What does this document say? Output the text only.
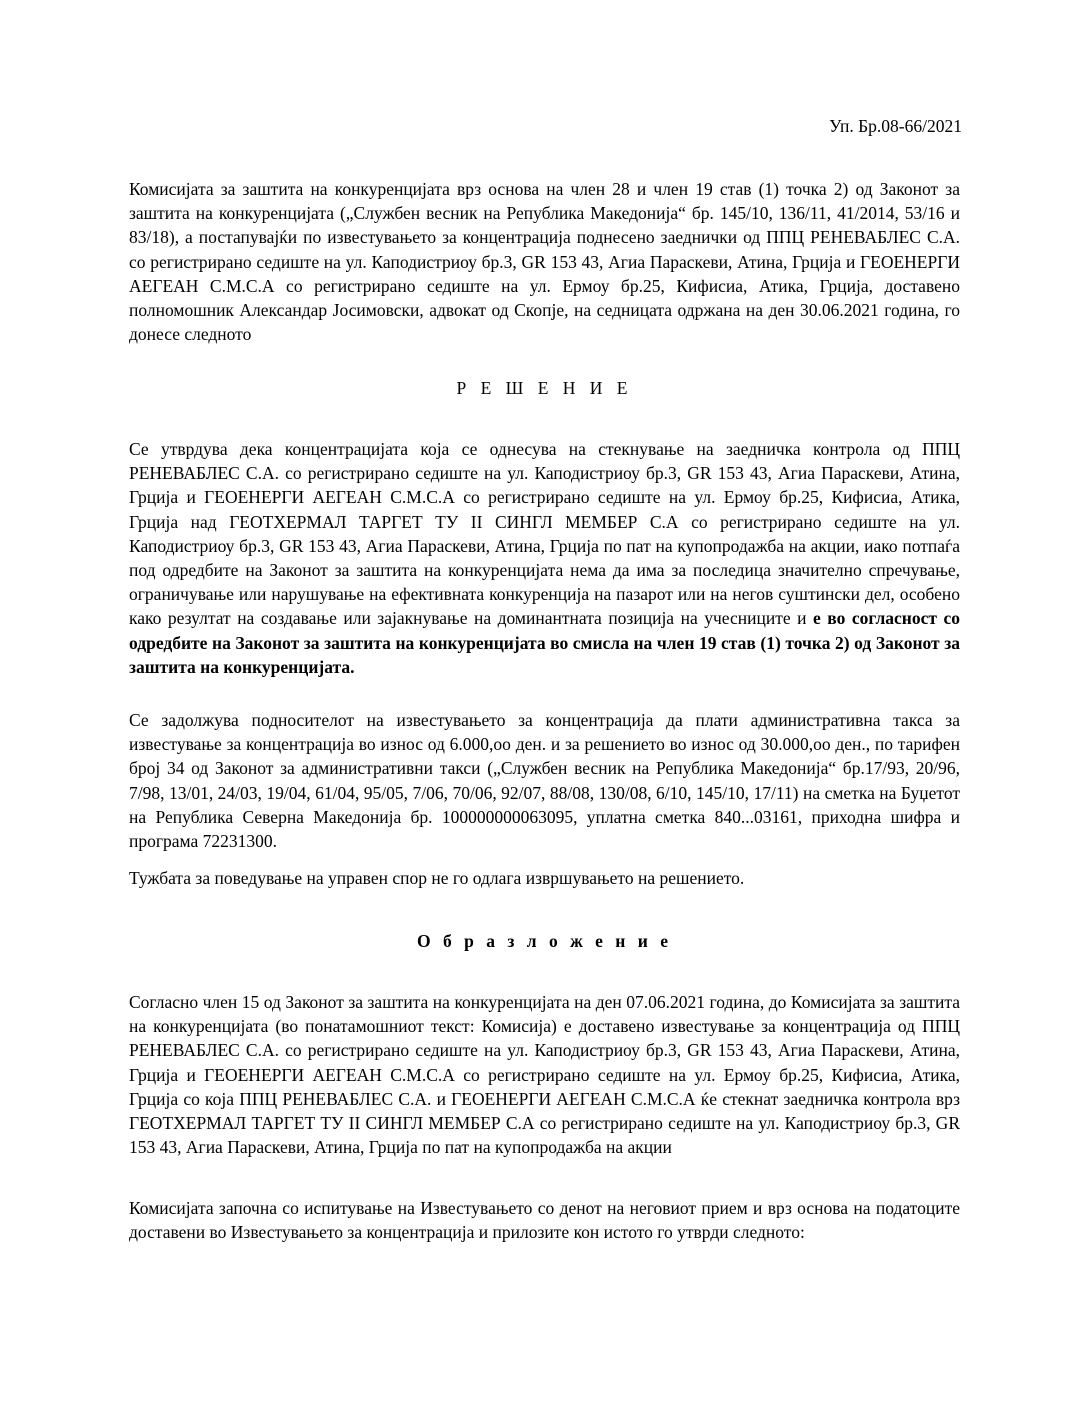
Уп. Бр.08-66/2021

Комисијата за заштита на конкуренцијата врз основа на член 28 и член 19 став (1) точка 2) од Законот за заштита на конкуренцијата („Службен весник на Република Македонија“ бр. 145/10, 136/11, 41/2014, 53/16 и 83/18), а постапувајќи по известувањето за концентрација поднесено заеднички од ППЦ РЕНЕВАБЛЕС С.А. со регистрирано седиште на ул. Каподистриоу бр.3, GR 153 43, Агиа Параскеви, Атина, Грција и ГЕОЕНЕРГИ АЕГЕАН С.М.С.А со регистрирано седиште на ул. Ермоу бр.25, Кифисиа, Атика, Грција, доставено полномошник Александар Јосимовски, адвокат од Скопје, на седницата одржана на ден 30.06.2021 година, го донесе следното

Р Е Ш Е Н И Е

Се утврдува дека концентрацијата која се однесува на стекнување на заедничка контрола од ППЦ РЕНЕВАБЛЕС С.А. со регистрирано седиште на ул. Каподистриоу бр.3, GR 153 43, Агиа Параскеви, Атина, Грција и ГЕОЕНЕРГИ АЕГЕАН С.М.С.А со регистрирано седиште на ул. Ермоу бр.25, Кифисиа, Атика, Грција над ГЕОТХЕРМАЛ ТАРГЕТ ТУ II СИНГЛ МЕМБЕР С.А со регистрирано седиште на ул. Каподистриоу бр.3, GR 153 43, Агиа Параскеви, Атина, Грција по пат на купопродажба на акции, иако потпаѓа под одредбите на Законот за заштита на конкуренцијата нема да има за последица значително спречување, ограничување или нарушување на ефективната конкуренција на пазарот или на негов суштински дел, особено како резултат на создавање или зајакнување на доминантната позиција на учесниците и е во согласност со одредбите на Законот за заштита на конкуренцијата во смисла на член 19 став (1) точка 2) од Законот за заштита на конкуренцијата.

Се задолжува подносителот на известувањето за концентрација да плати административна такса за известување за концентрација во износ од 6.000,оо ден. и за решението во износ од 30.000,оо ден., по тарифен број 34 од Законот за административни такси („Службен весник на Република Македонија“ бр.17/93, 20/96, 7/98, 13/01, 24/03, 19/04, 61/04, 95/05, 7/06, 70/06, 92/07, 88/08, 130/08, 6/10, 145/10, 17/11) на сметка на Буџетот на Република Северна Македонија бр. 100000000063095, уплатна сметка 840...03161, приходна шифра и програма 72231300.

Тужбата за поведување на управен спор не го одлага извршувањето на решението.

О б р а з л о ж е н и е

Согласно член 15 од Законот за заштита на конкуренцијата на ден 07.06.2021 година, до Комисијата за заштита на конкуренцијата (во понатамошниот текст: Комисија) е доставено известување за концентрација од ППЦ РЕНЕВАБЛЕС С.А. со регистрирано седиште на ул. Каподистриоу бр.3, GR 153 43, Агиа Параскеви, Атина, Грција и ГЕОЕНЕРГИ АЕГЕАН С.М.С.А со регистрирано седиште на ул. Ермоу бр.25, Кифисиа, Атика, Грција со која ППЦ РЕНЕВАБЛЕС С.А. и ГЕОЕНЕРГИ АЕГЕАН С.М.С.А ќе стекнат заедничка контрола врз ГЕОТХЕРМАЛ ТАРГЕТ ТУ II СИНГЛ МЕМБЕР С.А со регистрирано седиште на ул. Каподистриоу бр.3, GR 153 43, Агиа Параскеви, Атина, Грција по пат на купопродажба на акции

Комисијата започна со испитување на Известувањето со денот на неговиот прием и врз основа на податоците доставени во Известувањето за концентрација и прилозите кон истото го утврди следното:
